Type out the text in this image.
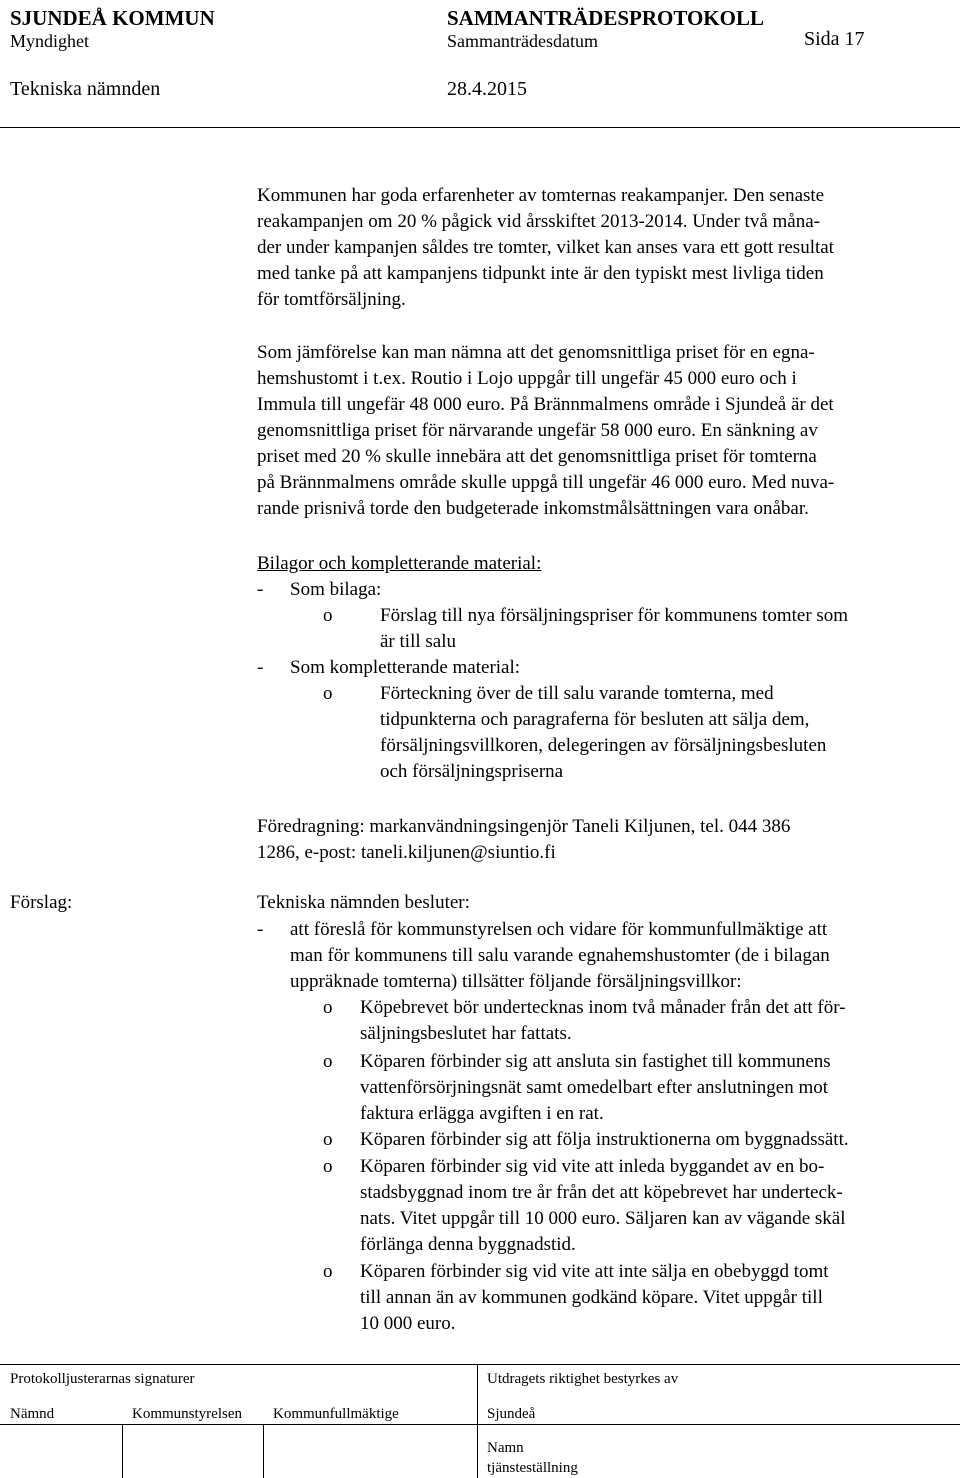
SJUNDEÅ KOMMUN	SAMMANTRÄDESPROTOKOLL
Myndighet	Sammanträdesdatum	Sida 17
Tekniska nämnden	28.4.2015
Kommunen har goda erfarenheter av tomternas reakampanjer. Den senaste
reakampanjen om 20 % pågick vid årsskiftet 2013-2014. Under två måna-
der under kampanjen såldes tre tomter, vilket kan anses vara ett gott resultat
med tanke på att kampanjens tidpunkt inte är den typiskt mest livliga tiden
för tomtförsäljning.
Som jämförelse kan man nämna att det genomsnittliga priset för en egna-
hemshustomt i t.ex. Routio i Lojo uppgår till ungefär 45 000 euro och i
Immula till ungefär 48 000 euro. På Brännmalmens område i Sjundeå är det
genomsnittliga priset för närvarande ungefär 58 000 euro. En sänkning av
priset med 20 % skulle innebära att det genomsnittliga priset för tomterna
på Brännmalmens område skulle uppgå till ungefär 46 000 euro. Med nuva-
rande prisnivå torde den budgeterade inkomstmålsättningen vara onåbar.
Bilagor och kompletterande material:
- Som bilaga:
o	Förslag till nya försäljningspriser för kommunens tomter som
är till salu
- Som kompletterande material:
o	Förteckning över de till salu varande tomterna, med
tidpunkterna och paragraferna för besluten att sälja dem,
försäljningsvillkoren, delegeringen av försäljningsbesluten
och försäljningspriserna
Föredragning: markanvändningsingenjör Taneli Kiljunen, tel. 044 386
1286, e-post: taneli.kiljunen@siuntio.fi
Förslag:	Tekniska nämnden besluter:
- att föreslå för kommunstyrelsen och vidare för kommunfullmäktige att
man för kommunens till salu varande egnahemshustomter (de i bilagan
uppräknade tomterna) tillsätter följande försäljningsvillkor:
o Köpebrevet bör undertecknas inom två månader från det att för-
säljningsbeslutet har fattats.
o Köparen förbinder sig att ansluta sin fastighet till kommunens
vattenförsörjningsnät samt omedelbart efter anslutningen mot
faktura erlägga avgiften i en rat.
o Köparen förbinder sig att följa instruktionerna om byggnadssätt.
o Köparen förbinder sig vid vite att inleda byggandet av en bo-
stadsbyggnad inom tre år från det att köpebrevet har underteck-
nats. Vitet uppgår till 10 000 euro. Säljaren kan av vägande skäl
förlänga denna byggnadstid.
o Köparen förbinder sig vid vite att inte sälja en obebyggd tomt
till annan än av kommunen godkänd köpare. Vitet uppgår till
10 000 euro.
Protokolljusterarnas signaturer	Utdragets riktighet bestyrkes av
Nämnd	Kommunstyrelsen Kommunfullmäktige	Sjundeå
Namn
tjänsteställning
